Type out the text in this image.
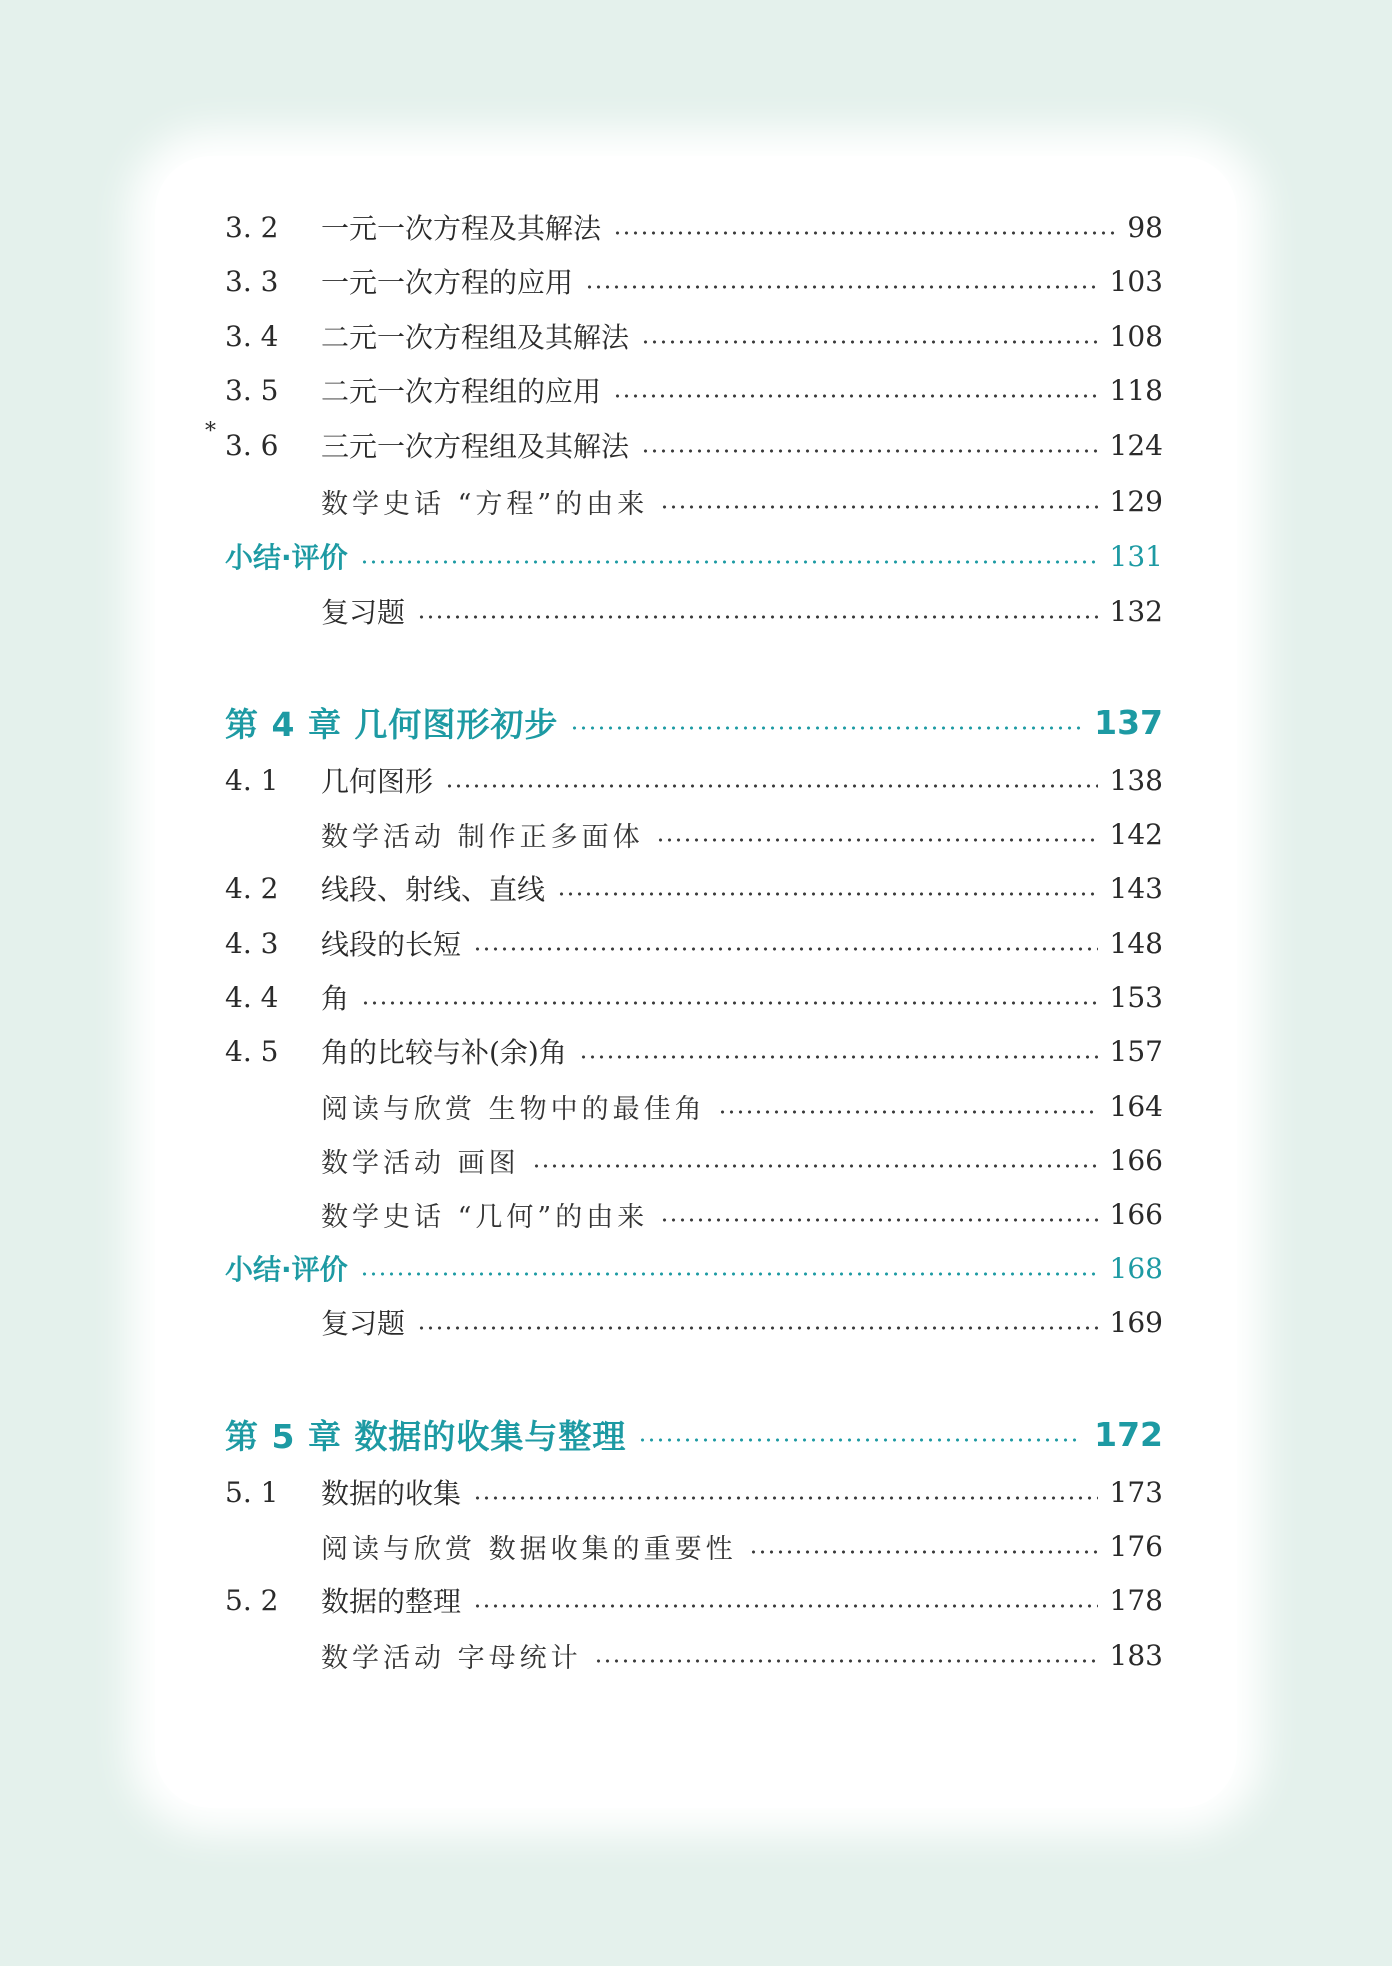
3. 2	一元一次方程及其解法	98
3. 3	一元一次方程的应用	103
3. 4	二元一次方程组及其解法	108
3. 5	二元一次方程组的应用	118
* 3. 6	三元一次方程组及其解法	124
数学史话 “方程”的由来	129
小结·评价	131
复习题	132
第 4 章 几何图形初步	137
4. 1	几何图形	138
数学活动 制作正多面体	142
4. 2	线段、射线、直线	143
4. 3	线段的长短	148
4. 4	角	153
4. 5	角的比较与补(余)角	157
阅读与欣赏 生物中的最佳角	164
数学活动 画图	166
数学史话 “几何”的由来	166
小结·评价	168
复习题	169
第 5 章 数据的收集与整理	172
5. 1	数据的收集	173
阅读与欣赏 数据收集的重要性	176
5. 2	数据的整理	178
数学活动 字母统计	183
